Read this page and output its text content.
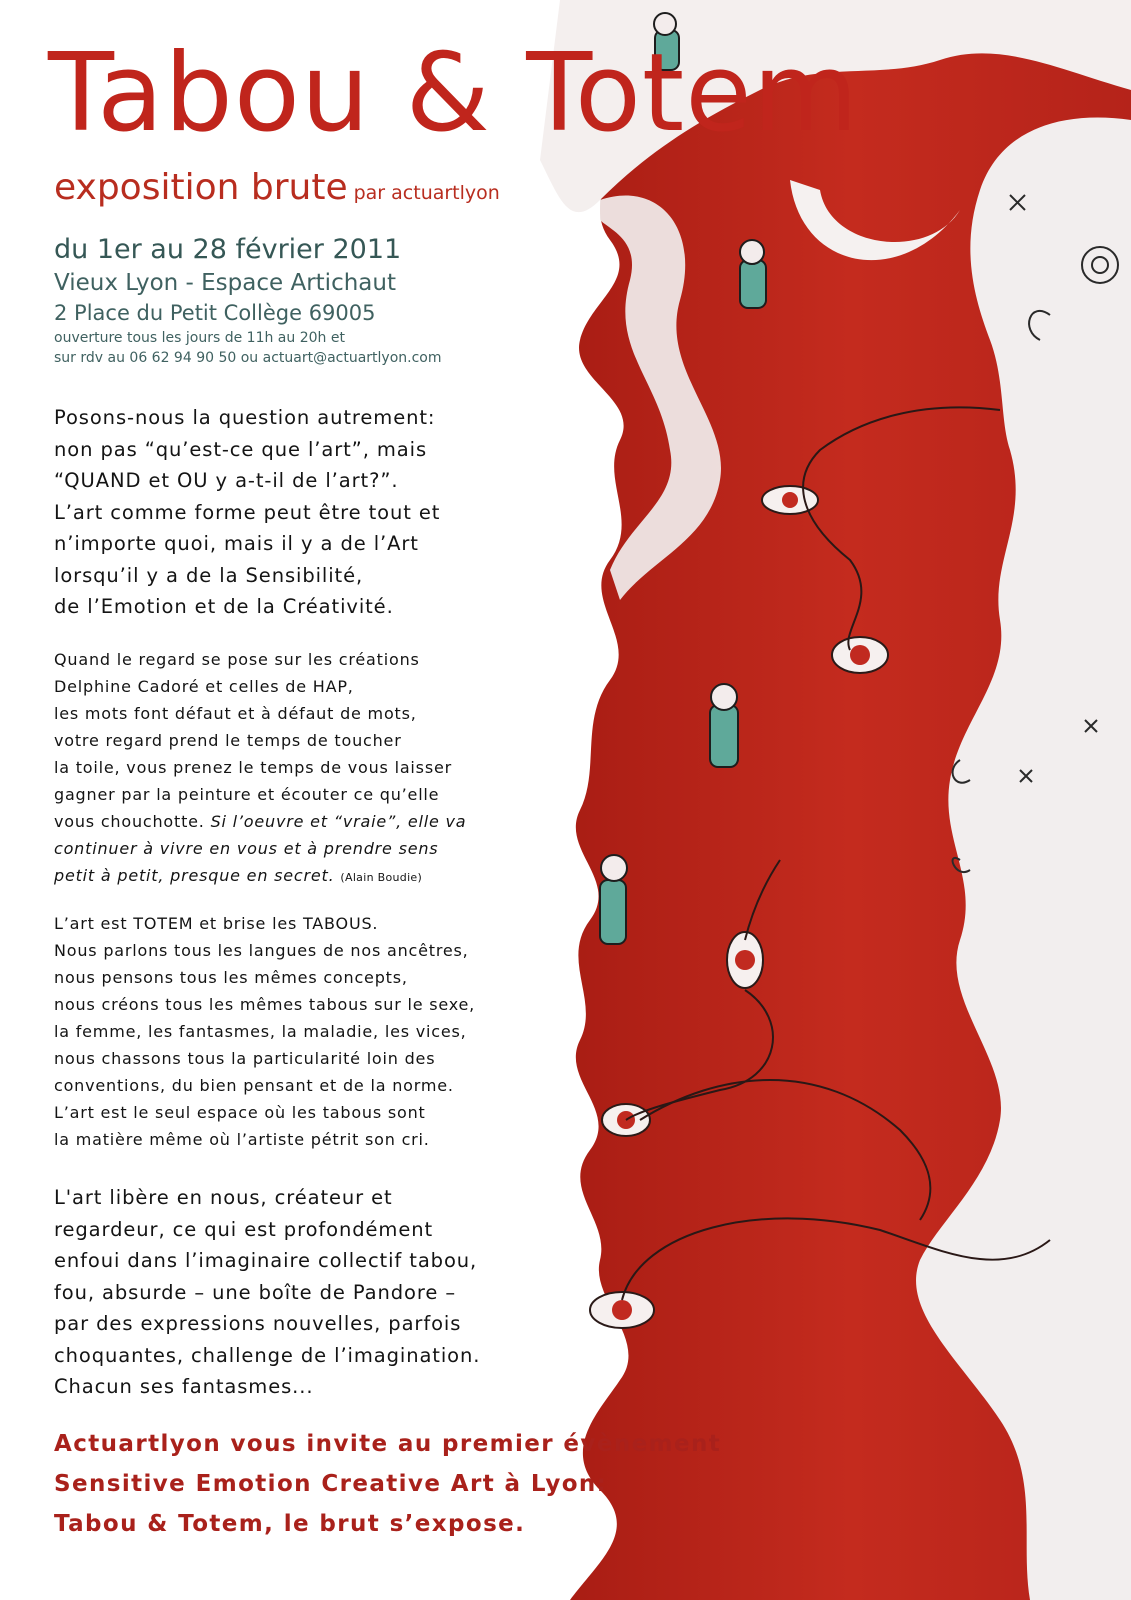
Tabou & Totem
exposition brute par actuartlyon
du 1er au 28 février 2011
Vieux Lyon - Espace Artichaut
2 Place du Petit Collège 69005
ouverture tous les jours de 11h au 20h et
sur rdv au 06 62 94 90 50 ou actuart@actuartlyon.com
Posons-nous la question autrement:
non pas “qu’est-ce que l’art”, mais
“QUAND et OU y a-t-il de l’art?”.
L’art comme forme peut être tout et
n’importe quoi, mais il y a de l’Art
lorsqu’il y a de la Sensibilité,
de l’Emotion et de la Créativité.
Quand le regard se pose sur les créations
Delphine Cadoré et celles de HAP,
les mots font défaut et à défaut de mots,
votre regard prend le temps de toucher
la toile, vous prenez le temps de vous laisser
gagner par la peinture et écouter ce qu’elle
vous chouchotte. Si l’oeuvre et “vraie”, elle va
continuer à vivre en vous et à prendre sens
petit à petit, presque en secret. (Alain Boudie)
L’art est TOTEM et brise les TABOUS.
Nous parlons tous les langues de nos ancêtres,
nous pensons tous les mêmes concepts,
nous créons tous les mêmes tabous sur le sexe,
la femme, les fantasmes, la maladie, les vices,
nous chassons tous la particularité loin des
conventions, du bien pensant et de la norme.
L’art est le seul espace où les tabous sont
la matière même où l’artiste pétrit son cri.
L'art libère en nous, créateur et
regardeur, ce qui est profondément
enfoui dans l’imaginaire collectif tabou,
fou, absurde – une boîte de Pandore –
par des expressions nouvelles, parfois
choquantes, challenge de l’imagination.
Chacun ses fantasmes...
Actuartlyon vous invite au premier évènement
Sensitive Emotion Creative Art à Lyon:
Tabou & Totem, le brut s’expose.
